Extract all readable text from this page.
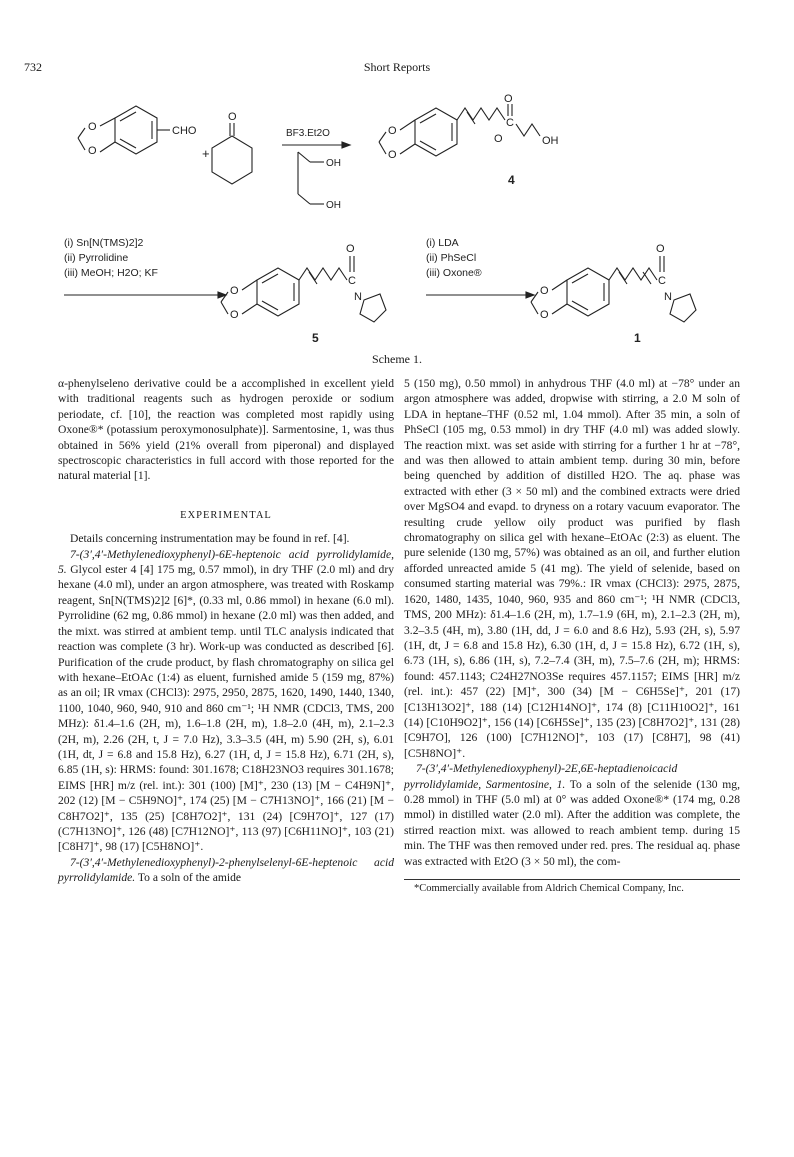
732	Short Reports
O
O
CHO
+
O
BF3.Et2O
OH
OH
O
O
C
O
O	OH
4
(i) Sn[N(TMS)2]2
(ii) Pyrrolidine
(iii) MeOH; H2O; KF
O
O
C
O
N
5
(i) LDA
(ii) PhSeCl
(iii) Oxone®
O
O
C
O
N
1
Scheme 1.

α-phenylseleno derivative could be a accomplished in excellent yield with traditional reagents such as hydrogen peroxide or sodium periodate, cf. [10], the reaction was completed most rapidly using Oxone®* (potassium peroxymonosulphate)]. Sarmentosine, 1, was thus obtained in 56% yield (21% overall from piperonal) and displayed spectroscopic characteristics in full accord with those reported for the natural material [1].

EXPERIMENTAL

Details concerning instrumentation may be found in ref. [4].

7-(3′,4′-Methylenedioxyphenyl)-6E-heptenoic acid pyrrolidylamide, 5. Glycol ester 4 [4] 175 mg, 0.57 mmol), in dry THF (2.0 ml) and dry hexane (4.0 ml), under an argon atmosphere, was treated with Roskamp reagent, Sn[N(TMS)2]2 [6]*, (0.33 ml, 0.86 mmol) in hexane (6.0 ml). Pyrrolidine (62 mg, 0.86 mmol) in hexane (2.0 ml) was then added, and the mixt. was stirred at ambient temp. until TLC analysis indicated that reaction was complete (3 hr). Work-up was conducted as described [6]. Purification of the crude product, by flash chromatography on silica gel with hexane–EtOAc (1:4) as eluent, furnished amide 5 (159 mg, 87%) as an oil; IR νmax (CHCl3): 2975, 2950, 2875, 1620, 1490, 1440, 1340, 1100, 1040, 960, 940, 910 and 860 cm⁻¹; ¹H NMR (CDCl3, TMS, 200 MHz): δ1.4–1.6 (2H, m), 1.6–1.8 (2H, m), 1.8–2.0 (4H, m), 2.1–2.3 (2H, m), 2.26 (2H, t, J = 7.0 Hz), 3.3–3.5 (4H, m) 5.90 (2H, s), 6.01 (1H, dt, J = 6.8 and 15.8 Hz), 6.27 (1H, d, J = 15.8 Hz), 6.71 (2H, s), 6.85 (1H, s): HRMS: found: 301.1678; C18H23NO3 requires 301.1678; EIMS [HR] m/z (rel. int.): 301 (100) [M]⁺, 230 (13) [M − C4H9N]⁺, 202 (12) [M − C5H9NO]⁺, 174 (25) [M − C7H13NO]⁺, 166 (21) [M − C8H7O2]⁺, 135 (25) [C8H7O2]⁺, 131 (24) [C9H7O]⁺, 127 (17) (C7H13NO]⁺, 126 (48) [C7H12NO]⁺, 113 (97) [C6H11NO]⁺, 103 (21) [C8H7]⁺, 98 (17) [C5H8NO]⁺.

7-(3′,4′-Methylenedioxyphenyl)-2-phenylselenyl-6E-heptenoic acid pyrrolidylamide. To a soln of the amide

5 (150 mg), 0.50 mmol) in anhydrous THF (4.0 ml) at −78° under an argon atmosphere was added, dropwise with stirring, a 2.0 M soln of LDA in heptane–THF (0.52 ml, 1.04 mmol). After 35 min, a soln of PhSeCl (105 mg, 0.53 mmol) in dry THF (4.0 ml) was added slowly. The reaction mixt. was set aside with stirring for a further 1 hr at −78°, and was then allowed to attain ambient temp. during 30 min, before being quenched by addition of distilled H2O. The aq. phase was extracted with ether (3 × 50 ml) and the combined extracts were dried over MgSO4 and evapd. to dryness on a rotary vacuum evaporator. The resulting crude yellow oily product was purified by flash chromatography on silica gel with hexane–EtOAc (2:3) as eluent. The pure selenide (130 mg, 57%) was obtained as an oil, and further elution afforded unreacted amide 5 (41 mg). The yield of selenide, based on consumed starting material was 79%.: IR νmax (CHCl3): 2975, 2875, 1620, 1480, 1435, 1040, 960, 935 and 860 cm⁻¹; ¹H NMR (CDCl3, TMS, 200 MHz): δ1.4–1.6 (2H, m), 1.7–1.9 (6H, m), 2.1–2.3 (2H, m), 3.2–3.5 (4H, m), 3.80 (1H, dd, J = 6.0 and 8.6 Hz), 5.93 (2H, s), 5.97 (1H, dt, J = 6.8 and 15.8 Hz), 6.30 (1H, d, J = 15.8 Hz), 6.72 (1H, s), 6.73 (1H, s), 6.86 (1H, s), 7.2–7.4 (3H, m), 7.5–7.6 (2H, m); HRMS: found: 457.1143; C24H27NO3Se requires 457.1157; EIMS [HR] m/z (rel. int.): 457 (22) [M]⁺, 300 (34) [M − C6H5Se]⁺, 201 (17) [C13H13O2]⁺, 188 (14) [C12H14NO]⁺, 174 (8) [C11H10O2]⁺, 161 (14) [C10H9O2]⁺, 156 (14) [C6H5Se]⁺, 135 (23) [C8H7O2]⁺, 131 (28) [C9H7O], 126 (100) [C7H12NO]⁺, 103 (17) [C8H7], 98 (41) [C5H8NO]⁺.

7-(3′,4′-Methylenedioxyphenyl)-2E,6E-heptadienoicacid pyrrolidylamide, Sarmentosine, 1. To a soln of the selenide (130 mg, 0.28 mmol) in THF (5.0 ml) at 0° was added Oxone®* (174 mg, 0.28 mmol) in distilled water (2.0 ml). After the addition was complete, the stirred reaction mixt. was allowed to reach ambient temp. during 15 min. The THF was then removed under red. pres. The residual aq. phase was extracted with Et2O (3 × 50 ml), the com-

*Commercially available from Aldrich Chemical Company, Inc.
